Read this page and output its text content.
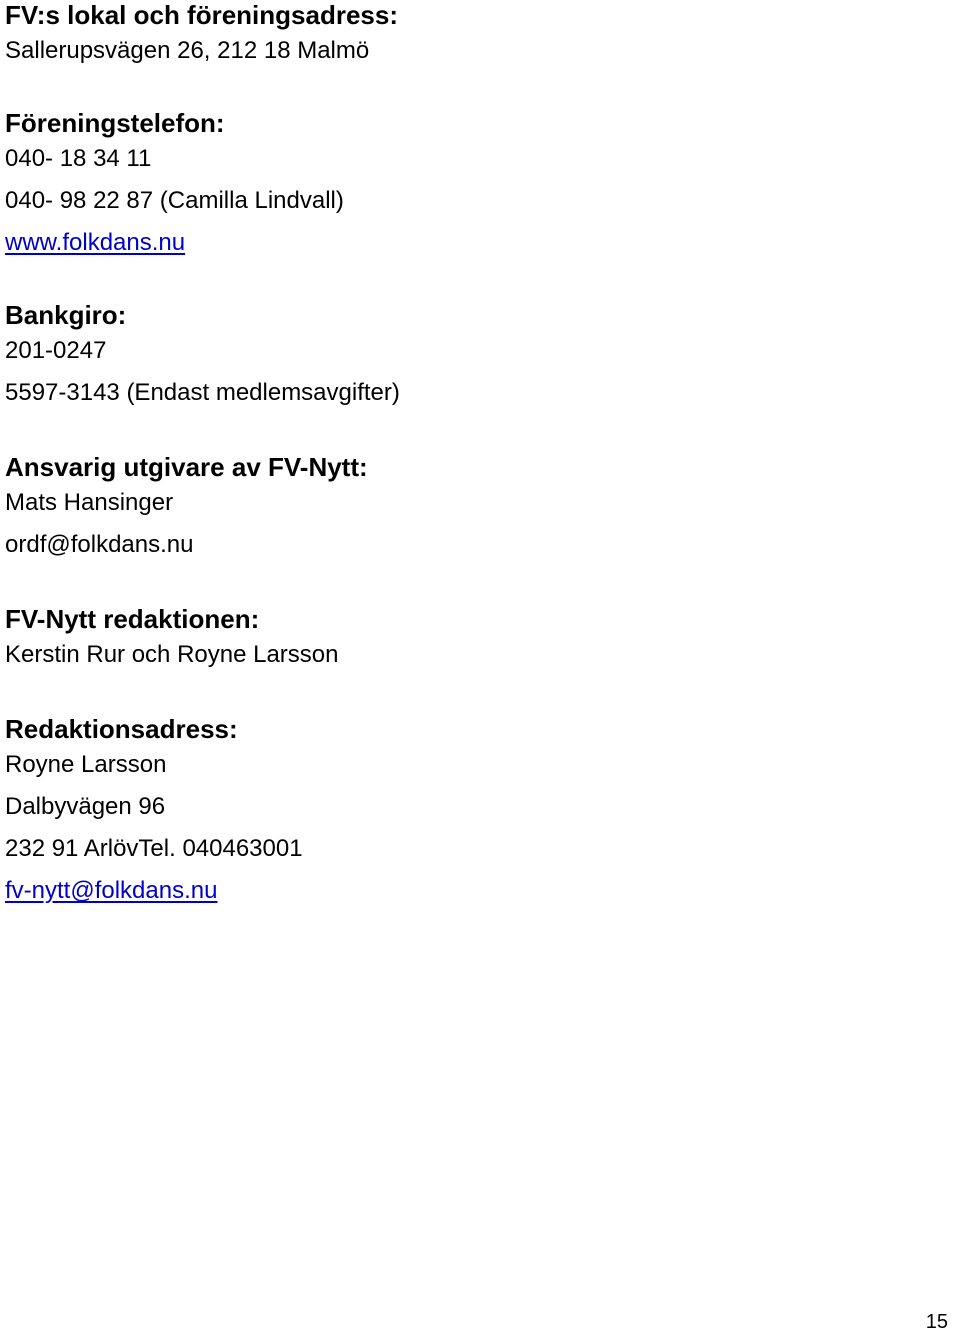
FV:s lokal och föreningsadress:

Sallerupsvägen 26, 212 18 Malmö

Föreningstelefon:

040- 18 34 11

040- 98 22 87 (Camilla Lindvall)

www.folkdans.nu

Bankgiro:

201-0247

5597-3143 (Endast medlemsavgifter)

Ansvarig utgivare av FV-Nytt:

Mats Hansinger

ordf@folkdans.nu

FV-Nytt redaktionen:

Kerstin Rur och Royne Larsson

Redaktionsadress:

Royne Larsson

Dalbyvägen 96

232 91 ArlövTel. 040463001

fv-nytt@folkdans.nu

15
